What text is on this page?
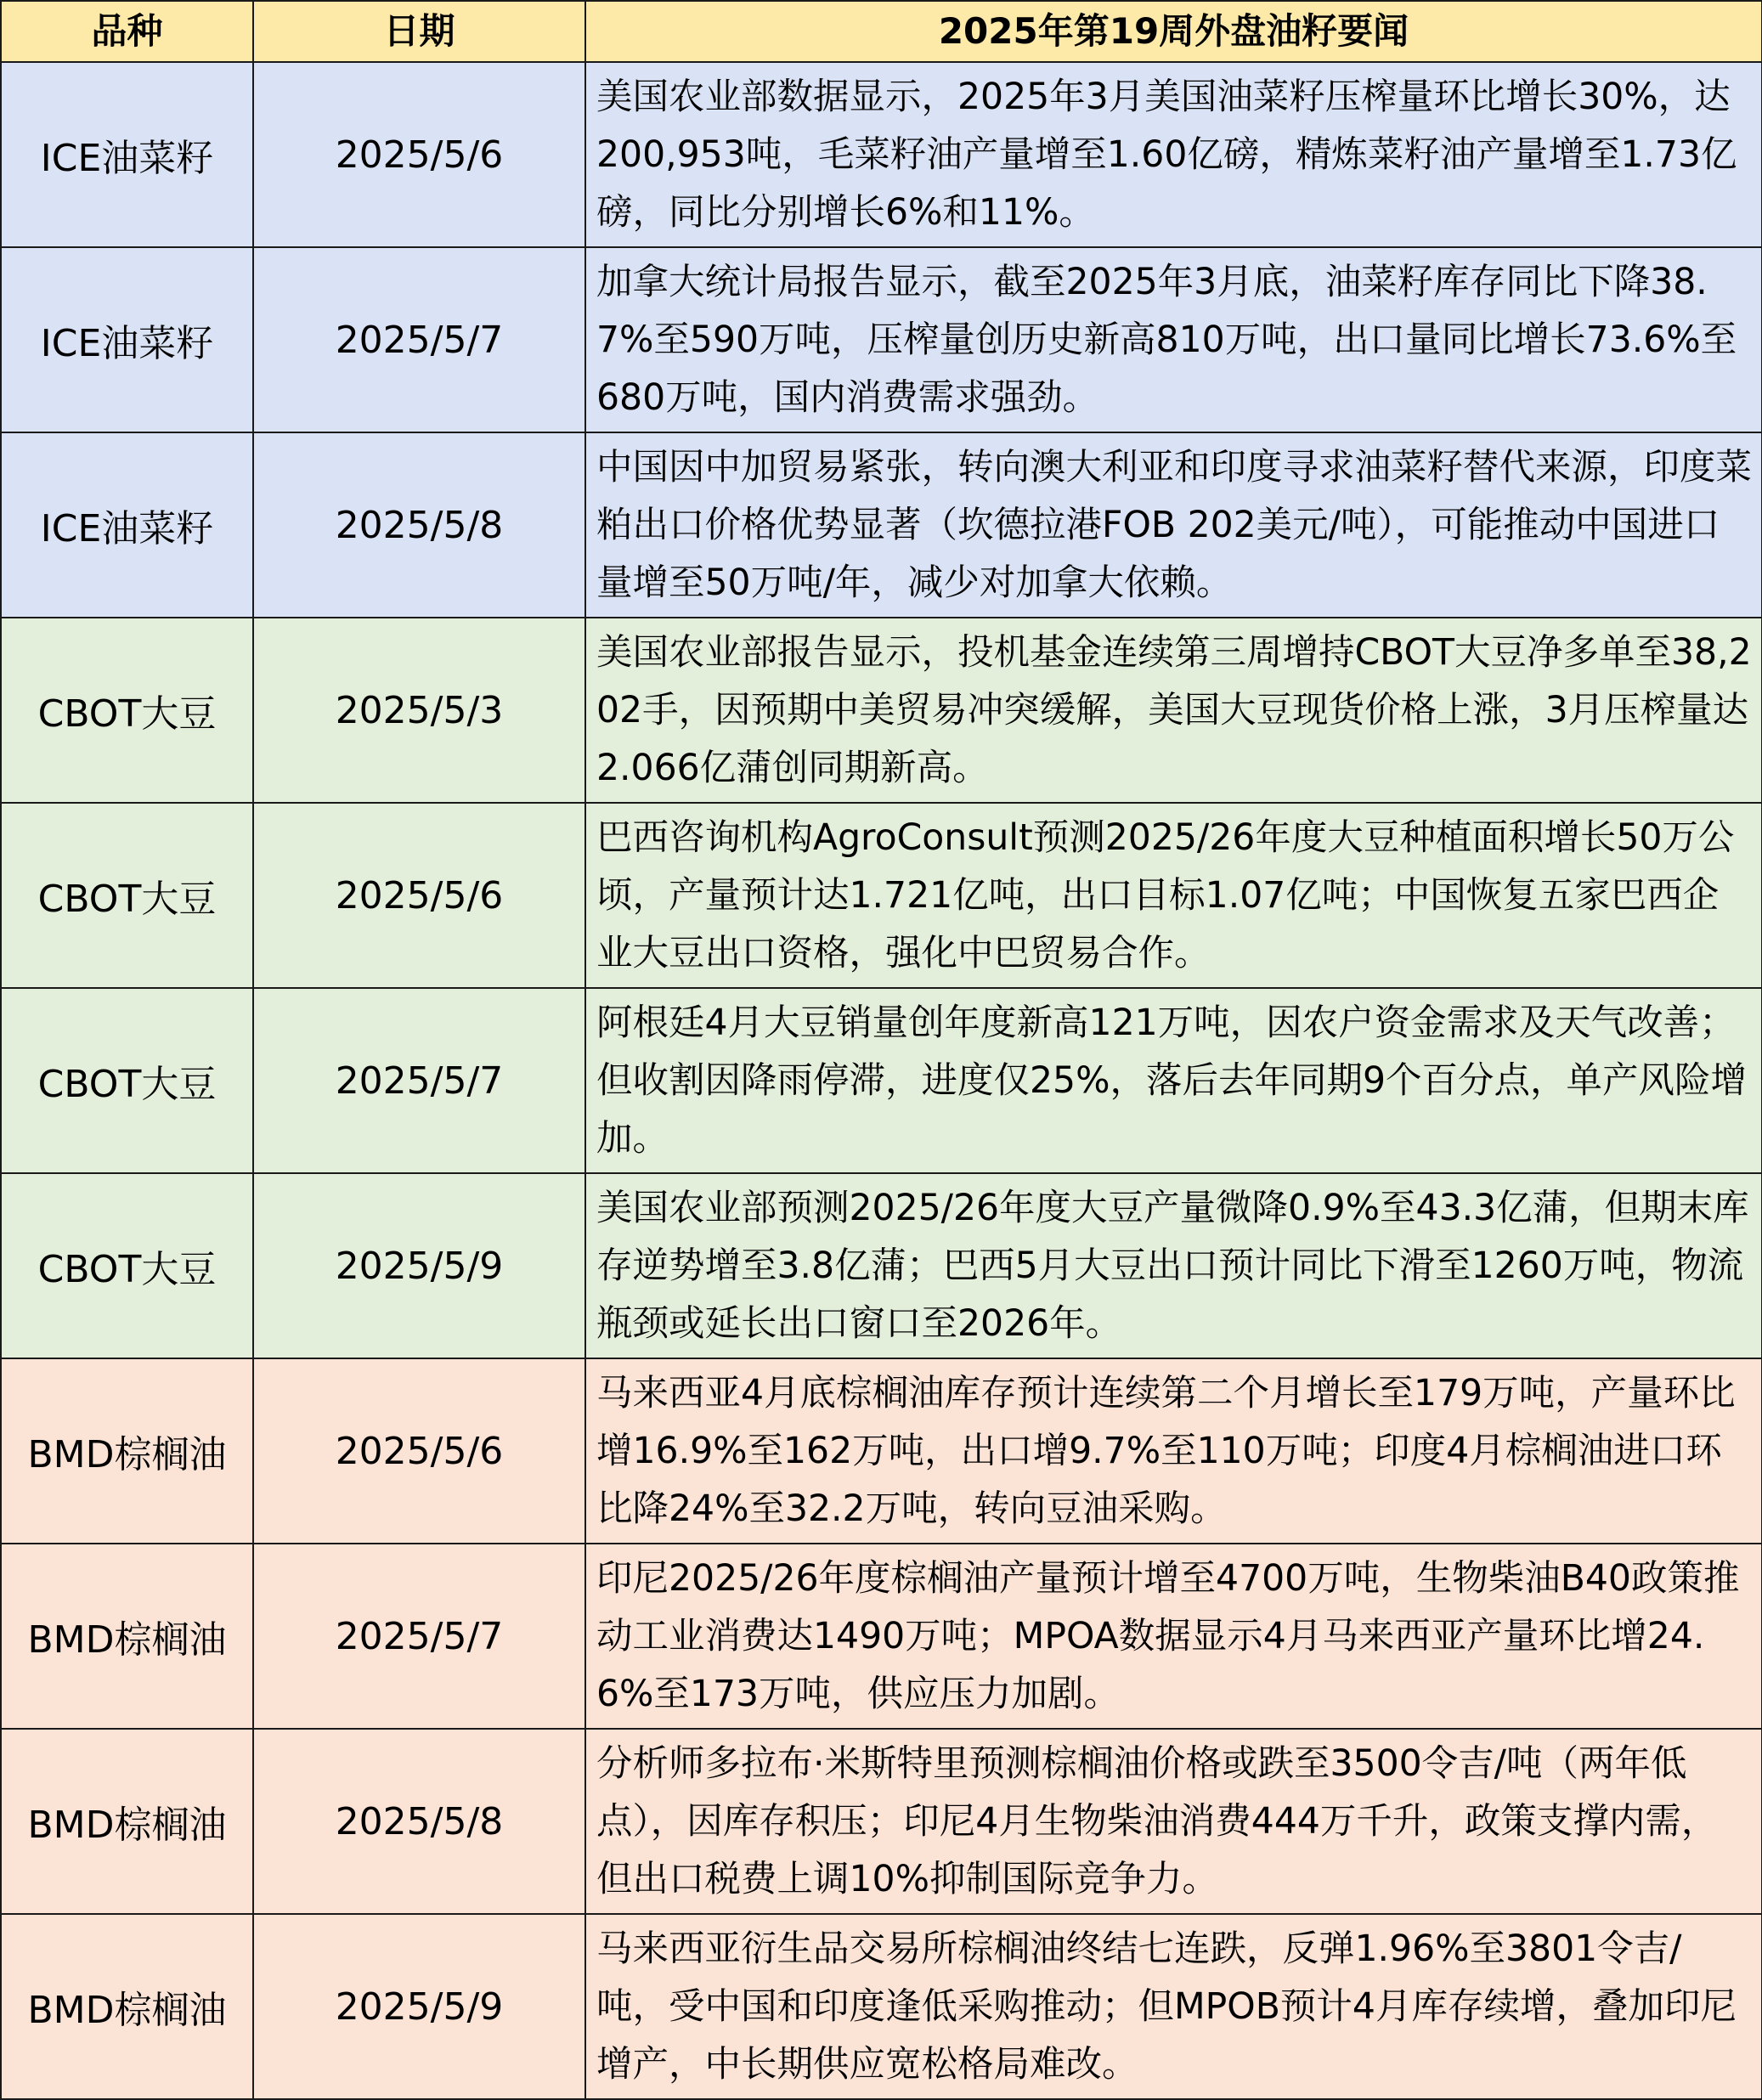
品种	日期	2025年第19周外盘油籽要闻
ICE油菜籽	2025/5/6	美国农业部数据显示，2025年3月美国油菜籽压榨量环比增长30%，达200,953吨，毛菜籽油产量增至1.60亿磅，精炼菜籽油产量增至1.73亿磅，同比分别增长6%和11%。
ICE油菜籽	2025/5/7	加拿大统计局报告显示，截至2025年3月底，油菜籽库存同比下降38.7%至590万吨，压榨量创历史新高810万吨，出口量同比增长73.6%至680万吨，国内消费需求强劲。
ICE油菜籽	2025/5/8	中国因中加贸易紧张，转向澳大利亚和印度寻求油菜籽替代来源，印度菜粕出口价格优势显著（坎德拉港FOB 202美元/吨），可能推动中国进口量增至50万吨/年，减少对加拿大依赖。
CBOT大豆	2025/5/3	美国农业部报告显示，投机基金连续第三周增持CBOT大豆净多单至38,202手，因预期中美贸易冲突缓解，美国大豆现货价格上涨，3月压榨量达2.066亿蒲创同期新高。
CBOT大豆	2025/5/6	巴西咨询机构AgroConsult预测2025/26年度大豆种植面积增长50万公顷，产量预计达1.721亿吨，出口目标1.07亿吨；中国恢复五家巴西企业大豆出口资格，强化中巴贸易合作。
CBOT大豆	2025/5/7	阿根廷4月大豆销量创年度新高121万吨，因农户资金需求及天气改善；但收割因降雨停滞，进度仅25%，落后去年同期9个百分点，单产风险增加。
CBOT大豆	2025/5/9	美国农业部预测2025/26年度大豆产量微降0.9%至43.3亿蒲，但期末库存逆势增至3.8亿蒲；巴西5月大豆出口预计同比下滑至1260万吨，物流瓶颈或延长出口窗口至2026年。
BMD棕榈油	2025/5/6	马来西亚4月底棕榈油库存预计连续第二个月增长至179万吨，产量环比增16.9%至162万吨，出口增9.7%至110万吨；印度4月棕榈油进口环比降24%至32.2万吨，转向豆油采购。
BMD棕榈油	2025/5/7	印尼2025/26年度棕榈油产量预计增至4700万吨，生物柴油B40政策推动工业消费达1490万吨；MPOA数据显示4月马来西亚产量环比增24.6%至173万吨，供应压力加剧。
BMD棕榈油	2025/5/8	分析师多拉布·米斯特里预测棕榈油价格或跌至3500令吉/吨（两年低点），因库存积压；印尼4月生物柴油消费444万千升，政策支撑内需，但出口税费上调10%抑制国际竞争力。
BMD棕榈油	2025/5/9	马来西亚衍生品交易所棕榈油终结七连跌，反弹1.96%至3801令吉/吨，受中国和印度逢低采购推动；但MPOB预计4月库存续增，叠加印尼增产，中长期供应宽松格局难改。
